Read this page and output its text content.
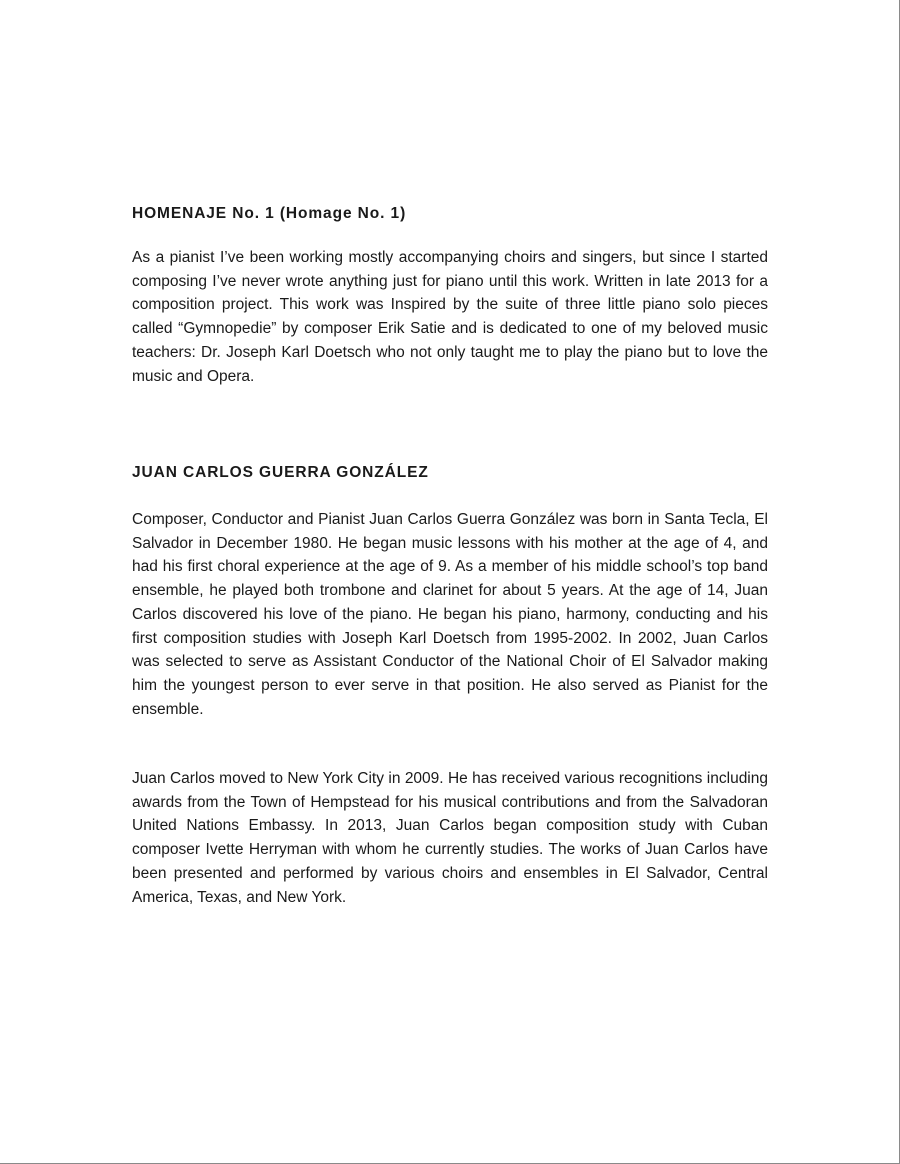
HOMENAJE No. 1 (Homage No. 1)

As a pianist I’ve been working mostly accompanying choirs and singers, but since I started composing I’ve never wrote anything just for piano until this work. Written in late 2013 for a composition project. This work was Inspired by the suite of three little piano solo pieces called “Gymnopedie” by composer Erik Satie and is dedicated to one of my beloved music teachers: Dr. Joseph Karl Doetsch who not only taught me to play the piano but to love the music and Opera.

JUAN CARLOS GUERRA GONZÁLEZ

Composer, Conductor and Pianist Juan Carlos Guerra González was born in Santa Tecla, El Salvador in December 1980. He began music lessons with his mother at the age of 4, and had his first choral experience at the age of 9. As a member of his middle school’s top band ensemble, he played both trombone and clarinet for about 5 years. At the age of 14, Juan Carlos discovered his love of the piano. He began his piano, harmony, conducting and his first composition studies with Joseph Karl Doetsch from 1995-2002. In 2002, Juan Carlos was selected to serve as Assistant Conductor of the National Choir of El Salvador making him the youngest person to ever serve in that position. He also served as Pianist for the ensemble.

Juan Carlos moved to New York City in 2009. He has received various recognitions including awards from the Town of Hempstead for his musical contributions and from the Salvadoran United Nations Embassy. In 2013, Juan Carlos began composition study with Cuban composer Ivette Herryman with whom he currently studies. The works of Juan Carlos have been presented and performed by various choirs and ensembles in El Salvador, Central America, Texas, and New York.
